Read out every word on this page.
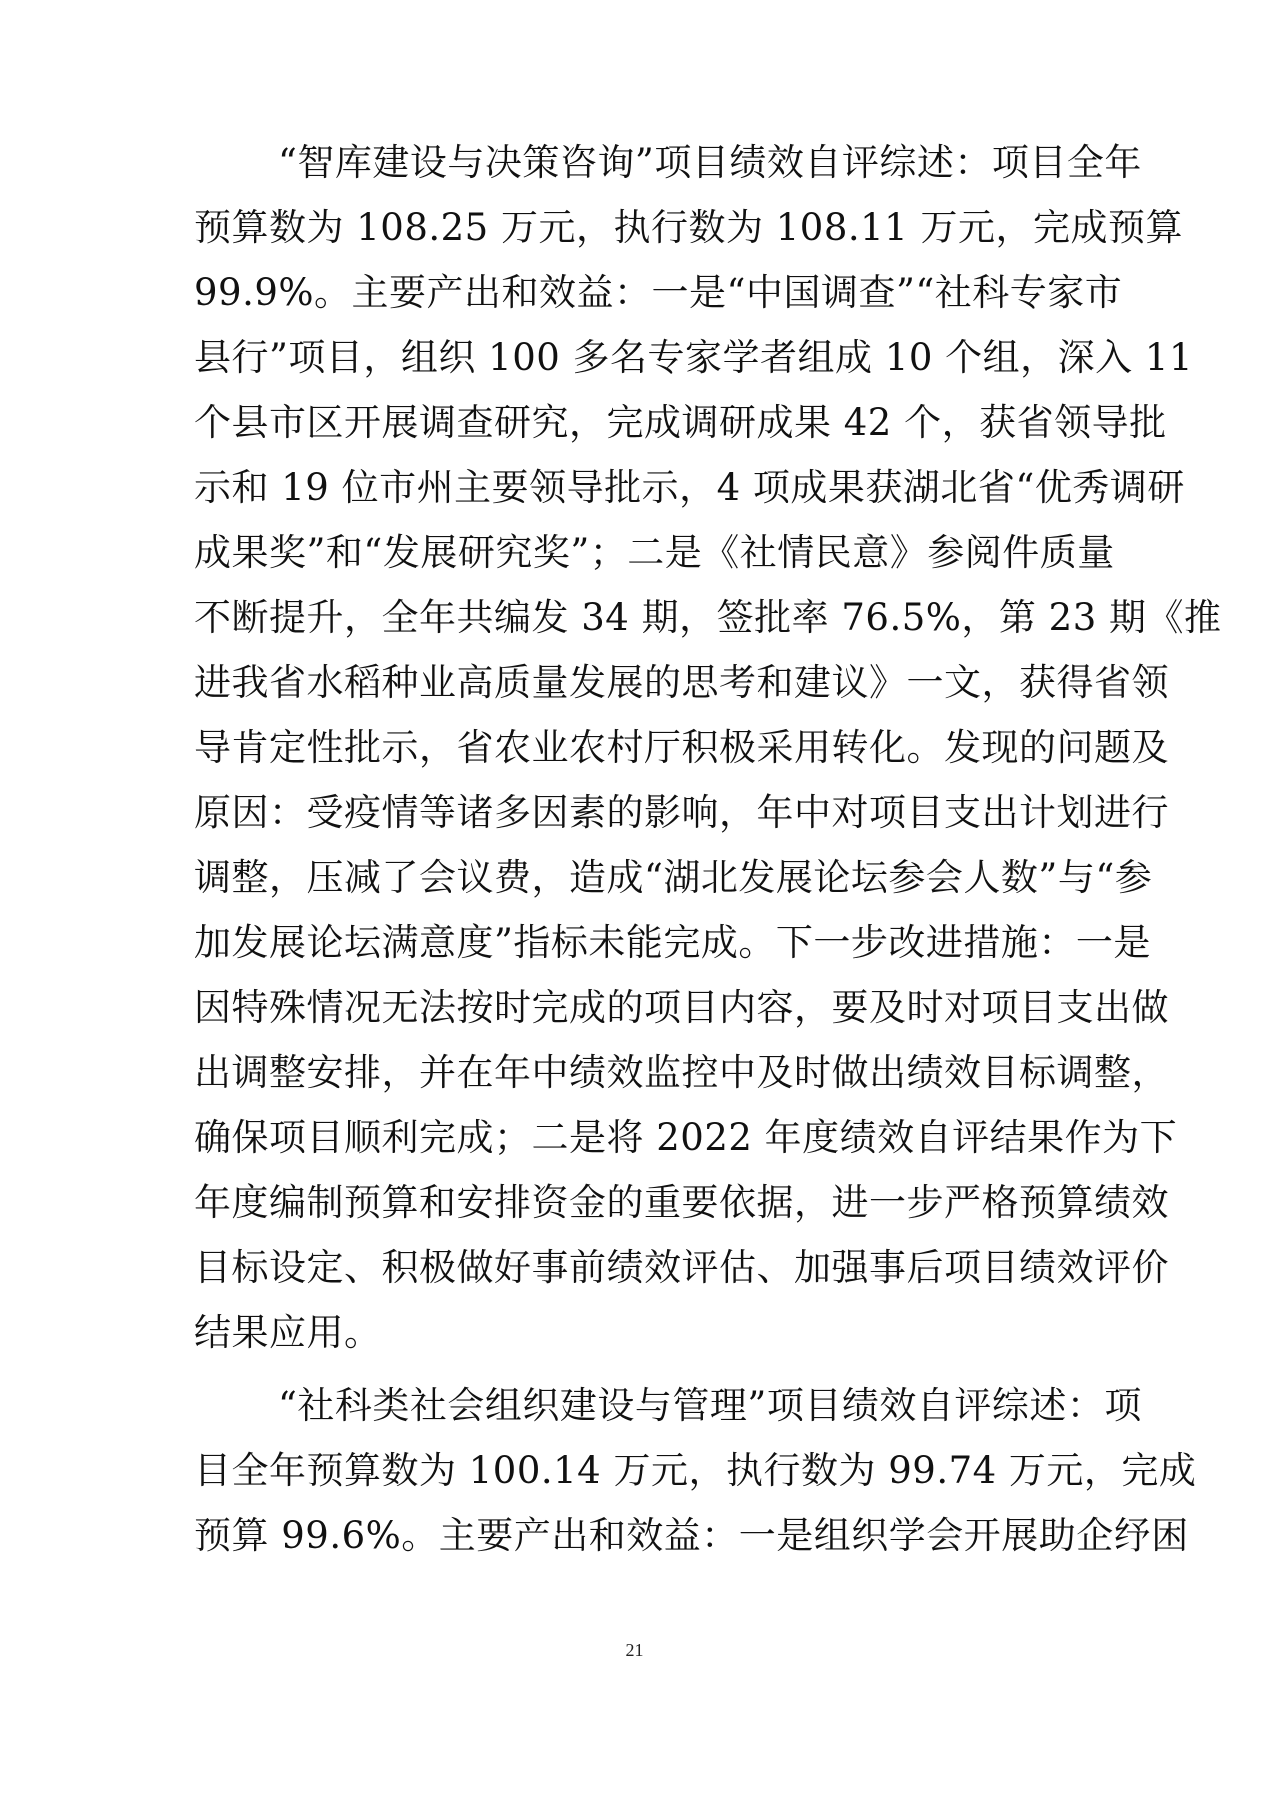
“智库建设与决策咨询”项目绩效自评综述：项目全年
预算数为 108.25 万元，执行数为 108.11 万元，完成预算
99.9%。主要产出和效益：一是“中国调查”“社科专家市
县行”项目，组织 100 多名专家学者组成 10 个组，深入 11
个县市区开展调查研究，完成调研成果 42 个，获省领导批
示和 19 位市州主要领导批示，4 项成果获湖北省“优秀调研
成果奖”和“发展研究奖”；二是《社情民意》参阅件质量
不断提升，全年共编发 34 期，签批率 76.5%，第 23 期《推
进我省水稻种业高质量发展的思考和建议》一文，获得省领
导肯定性批示，省农业农村厅积极采用转化。发现的问题及
原因：受疫情等诸多因素的影响，年中对项目支出计划进行
调整，压减了会议费，造成“湖北发展论坛参会人数”与“参
加发展论坛满意度”指标未能完成。下一步改进措施：一是
因特殊情况无法按时完成的项目内容，要及时对项目支出做
出调整安排，并在年中绩效监控中及时做出绩效目标调整，
确保项目顺利完成；二是将 2022 年度绩效自评结果作为下
年度编制预算和安排资金的重要依据，进一步严格预算绩效
目标设定、积极做好事前绩效评估、加强事后项目绩效评价
结果应用。
“社科类社会组织建设与管理”项目绩效自评综述：项
目全年预算数为 100.14 万元，执行数为 99.74 万元，完成
预算 99.6%。主要产出和效益：一是组织学会开展助企纾困
21
